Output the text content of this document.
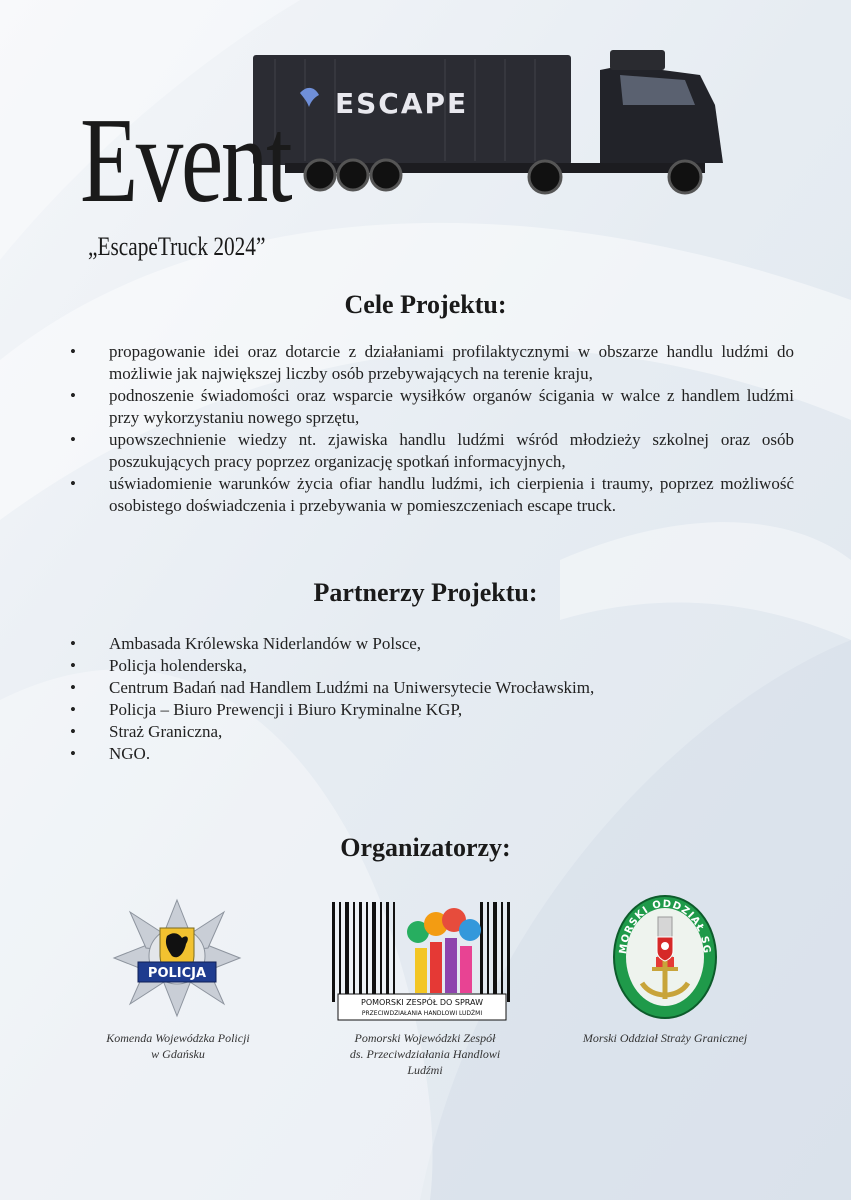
ESCAPE
Event
„EscapeTruck 2024”
Cele Projektu:
• propagowanie idei oraz dotarcie z działaniami profilaktycznymi w obszarze handlu ludźmi do możliwie jak największej liczby osób przebywających na terenie kraju,
• podnoszenie świadomości oraz wsparcie wysiłków organów ścigania w walce z handlem ludźmi przy wykorzystaniu nowego sprzętu,
• upowszechnienie wiedzy nt. zjawiska handlu ludźmi wśród młodzieży szkolnej oraz osób poszukujących pracy poprzez organizację spotkań informacyjnych,
• uświadomienie warunków życia ofiar handlu ludźmi, ich cierpienia i traumy, poprzez możliwość osobistego doświadczenia i przebywania w pomieszczeniach escape truck.
Partnerzy Projektu:
• Ambasada Królewska Niderlandów w Polsce,
• Policja holenderska,
• Centrum Badań nad Handlem Ludźmi na Uniwersytecie Wrocławskim,
• Policja – Biuro Prewencji i Biuro Kryminalne KGP,
• Straż Graniczna,
• NGO.
Organizatorzy:
POLICJA
Komenda Wojewódzka Policji
w Gdańsku
POMORSKI ZESPÓŁ DO SPRAW
PRZECIWDZIAŁANIA HANDLOWI LUDŹMI
Pomorski Wojewódzki Zespół
ds. Przeciwdziałania Handlowi
Ludźmi
MORSKI ODDZIAŁ SG
Morski Oddział Straży Granicznej
